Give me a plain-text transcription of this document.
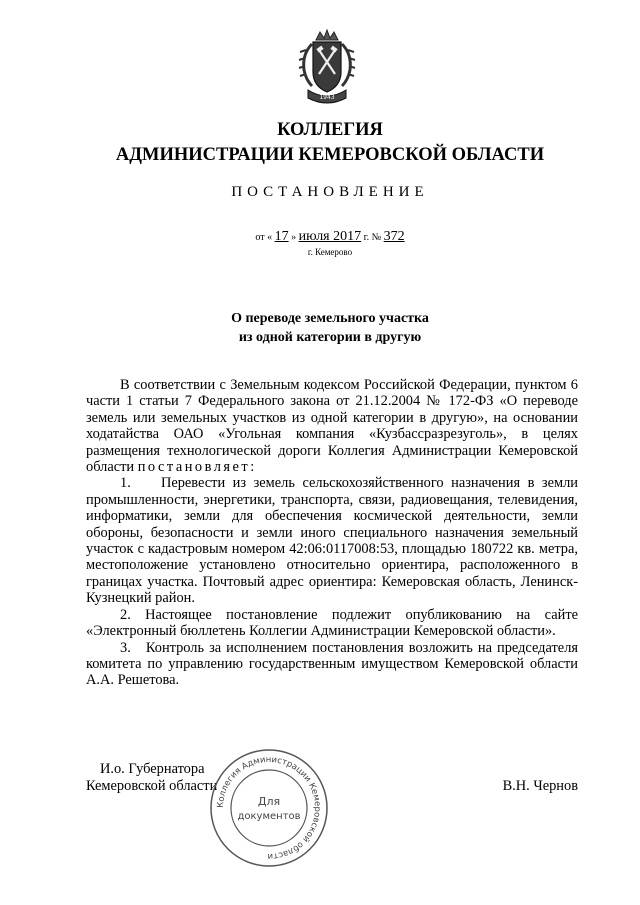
1943
КОЛЛЕГИЯ
АДМИНИСТРАЦИИ КЕМЕРОВСКОЙ ОБЛАСТИ
ПОСТАНОВЛЕНИЕ
от « 17 » июля 2017 г. № 372
г. Кемерово
О переводе земельного участка
из одной категории в другую

В соответствии с Земельным кодексом Российской Федерации, пунктом 6 части 1 статьи 7 Федерального закона от 21.12.2004 № 172-ФЗ «О переводе земель или земельных участков из одной категории в другую», на основании ходатайства ОАО «Угольная компания «Кузбассразрезуголь», в целях размещения технологической дороги Коллегия Администрации Кемеровской области постановляет:

1.    Перевести из земель сельскохозяйственного назначения в земли промышленности, энергетики, транспорта, связи, радиовещания, телевидения, информатики, земли для обеспечения космической деятельности, земли обороны, безопасности и земли иного специального назначения земельный участок с кадастровым номером 42:06:0117008:53, площадью 180722 кв. метра, местоположение установлено относительно ориентира, расположенного в границах участка. Почтовый адрес ориентира: Кемеровская область, Ленинск-Кузнецкий район.

2. Настоящее постановление подлежит опубликованию на сайте «Электронный бюллетень Коллегии Администрации Кемеровской области».

3.   Контроль за исполнением постановления возложить на председателя комитета по управлению государственным имуществом Кемеровской области А.А. Решетова.

И.о. Губернатора
Кемеровской области	В.Н. Чернов
Коллегия Администрации Кемеровской области
Для
документов
